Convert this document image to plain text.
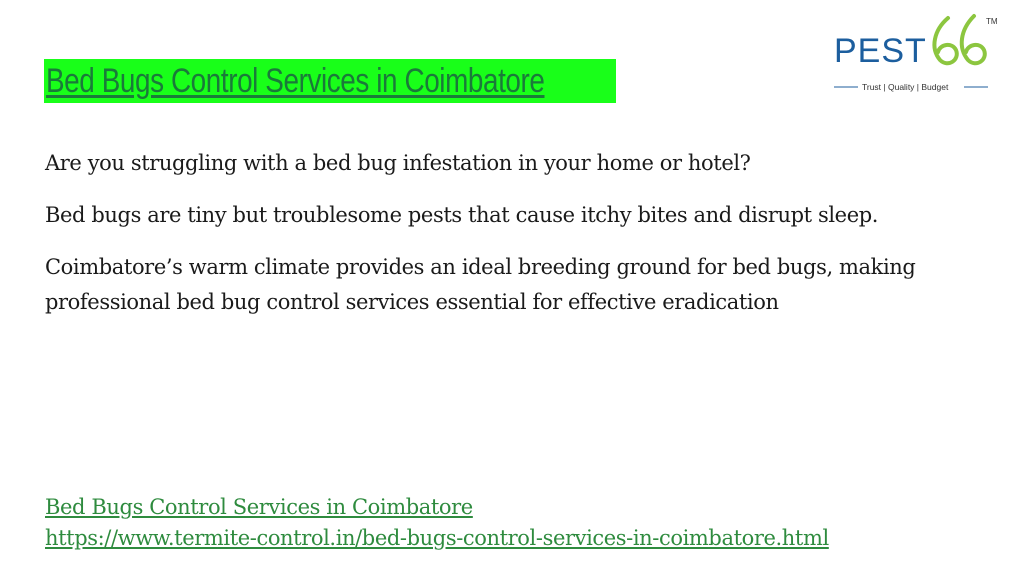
PEST
TM
Trust | Quality | Budget
Bed Bugs Control Services in Coimbatore

Are you struggling with a bed bug infestation in your home or hotel?

Bed bugs are tiny but troublesome pests that cause itchy bites and disrupt sleep.

Coimbatore’s warm climate provides an ideal breeding ground for bed bugs, making professional bed bug control services essential for effective eradication

Bed Bugs Control Services in Coimbatore
https://www.termite-control.in/bed-bugs-control-services-in-coimbatore.html
